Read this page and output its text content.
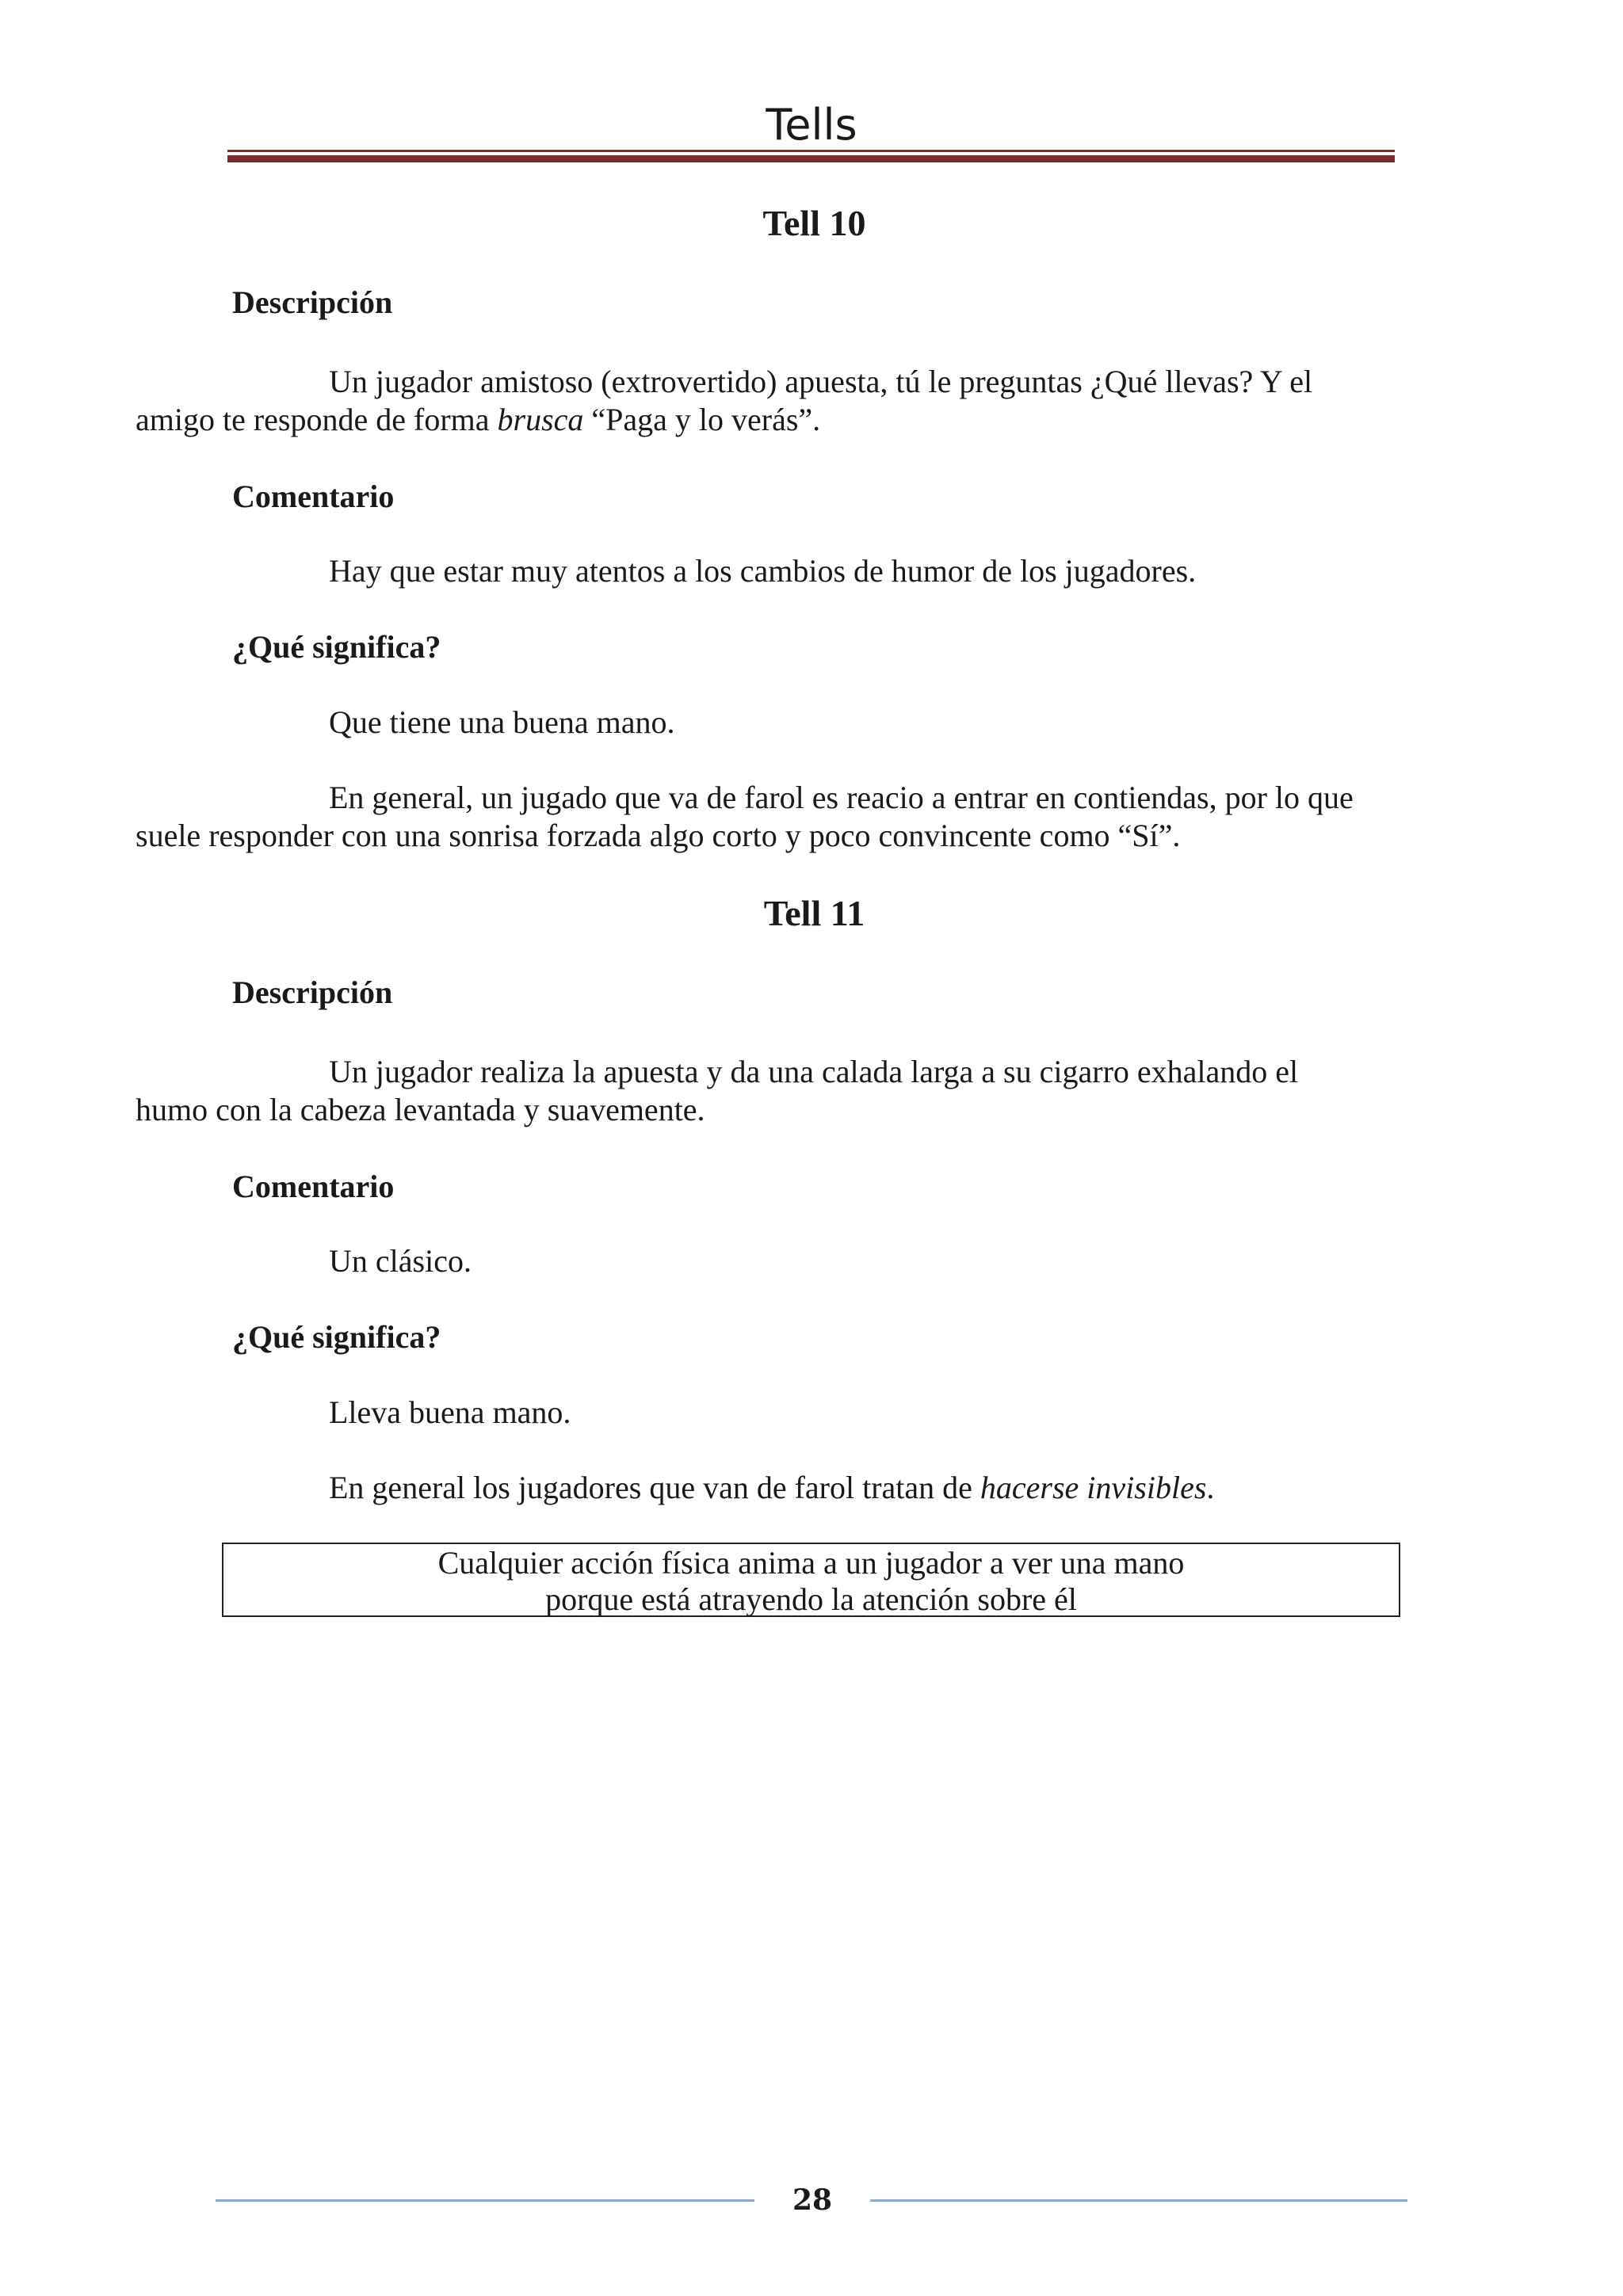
Tells
Tell 10
Descripción
Un jugador amistoso (extrovertido) apuesta, tú le preguntas ¿Qué llevas? Y el
amigo te responde de forma brusca “Paga y lo verás”.
Comentario
Hay que estar muy atentos a los cambios de humor de los jugadores.
¿Qué significa?
Que tiene una buena mano.
En general, un jugado que va de farol es reacio a entrar en contiendas, por lo que
suele responder con una sonrisa forzada algo corto y poco convincente como “Sí”.
Tell 11
Descripción
Un jugador realiza la apuesta y da una calada larga a su cigarro exhalando el
humo con la cabeza levantada y suavemente.
Comentario
Un clásico.
¿Qué significa?
Lleva buena mano.
En general los jugadores que van de farol tratan de hacerse invisibles.
Cualquier acción física anima a un jugador a ver una mano
porque está atrayendo la atención sobre él
28
